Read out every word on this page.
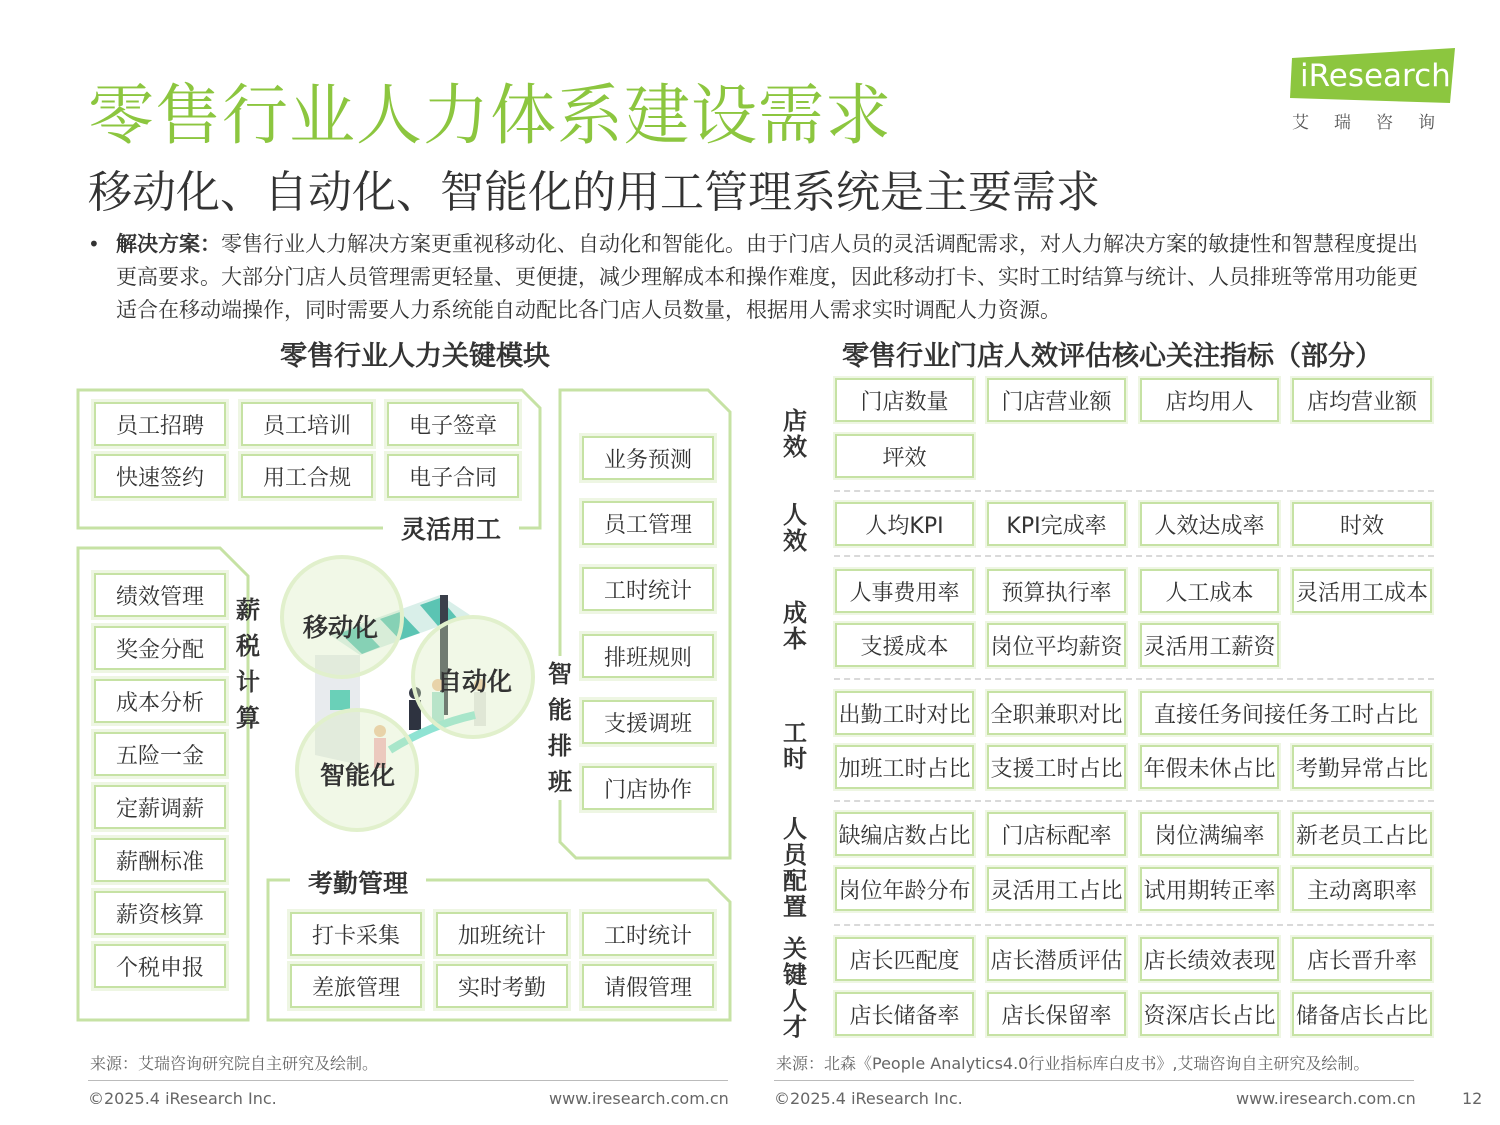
零售行业人力体系建设需求
移动化、自动化、智能化的用工管理系统是主要需求
iResearch
艾瑞咨询
• 解决方案：零售行业人力解决方案更重视移动化、自动化和智能化。由于门店人员的灵活调配需求，对人力解决方案的敏捷性和智慧程度提出更高要求。大部分门店人员管理需更轻量、更便捷，减少理解成本和操作难度，因此移动打卡、实时工时结算与统计、人员排班等常用功能更适合在移动端操作，同时需要人力系统能自动配比各门店人员数量，根据用人需求实时调配人力资源。
零售行业人力关键模块	零售行业门店人效评估核心关注指标（部分）
员工招聘	员工培训	电子签章
快速签约	用工合规	电子合同
灵活用工
绩效管理
奖金分配
成本分析
五险一金
定薪调薪
薪酬标准
薪资核算
个税申报
薪
税
计
算
业务预测
员工管理
工时统计
排班规则
支援调班
门店协作
智
能
排
班
考勤管理
打卡采集	加班统计	工时统计
差旅管理	实时考勤	请假管理
移动化
自动化
智能化
店效
人效
成本
工时
人员配置
关键人才
门店数量	门店营业额	店均用人	店均营业额
坪效
人均KPI	KPI完成率	人效达成率	时效
人事费用率	预算执行率	人工成本	灵活用工成本
支援成本	岗位平均薪资 灵活用工薪资
出勤工时对比 全职兼职对比	直接任务间接任务工时占比
加班工时占比 支援工时占比 年假未休占比 考勤异常占比
缺编店数占比	门店标配率	岗位满编率	新老员工占比
岗位年龄分布 灵活用工占比 试用期转正率	主动离职率
店长匹配度	店长潜质评估 店长绩效表现	店长晋升率
店长储备率	店长保留率	资深店长占比 储备店长占比
来源：艾瑞咨询研究院自主研究及绘制。	来源：北森《People Analytics4.0行业指标库白皮书》,艾瑞咨询自主研究及绘制。
©2025.4 iResearch Inc.	www.iresearch.com.cn	©2025.4 iResearch Inc.	www.iresearch.com.cn	12
